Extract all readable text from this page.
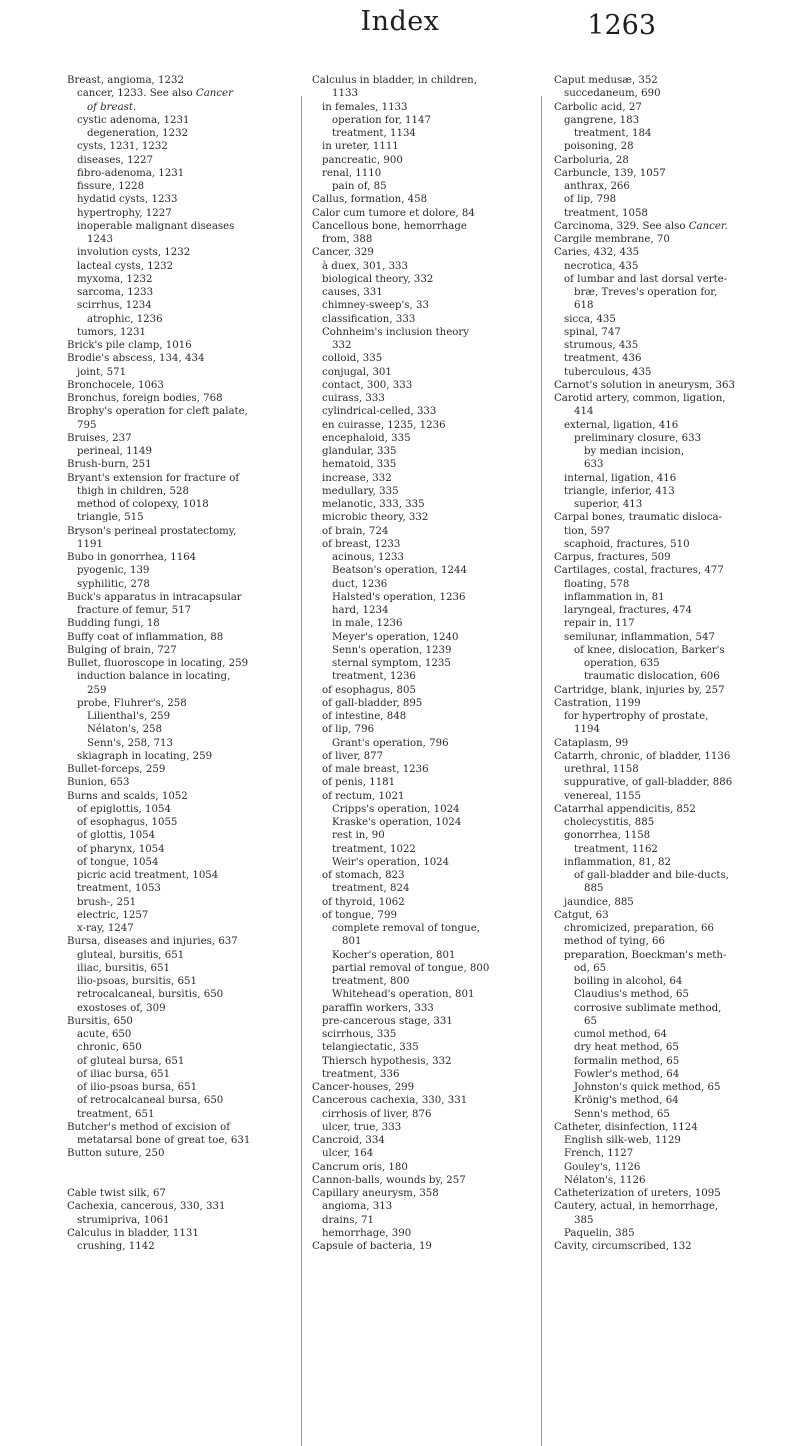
Index	1263
Breast, angioma, 1232
cancer, 1233. See also Cancer
of breast.
cystic adenoma, 1231
degeneration, 1232
cysts, 1231, 1232
diseases, 1227
fibro-adenoma, 1231
fissure, 1228
hydatid cysts, 1233
hypertrophy, 1227
inoperable malignant diseases
1243
involution cysts, 1232
lacteal cysts, 1232
myxoma, 1232
sarcoma, 1233
scirrhus, 1234
atrophic, 1236
tumors, 1231
Brick's pile clamp, 1016
Brodie's abscess, 134, 434
joint, 571
Bronchocele, 1063
Bronchus, foreign bodies, 768
Brophy's operation for cleft palate,
795
Bruises, 237
perineal, 1149
Brush-burn, 251
Bryant's extension for fracture of
thigh in children, 528
method of colopexy, 1018
triangle, 515
Bryson's perineal prostatectomy,
1191
Bubo in gonorrhea, 1164
pyogenic, 139
syphilitic, 278
Buck's apparatus in intracapsular
fracture of femur, 517
Budding fungi, 18
Buffy coat of inflammation, 88
Bulging of brain, 727
Bullet, fluoroscope in locating, 259
induction balance in locating,
259
probe, Fluhrer's, 258
Lilienthal's, 259
Nélaton's, 258
Senn's, 258, 713
skiagraph in locating, 259
Bullet-forceps, 259
Bunion, 653
Burns and scalds, 1052
of epiglottis, 1054
of esophagus, 1055
of glottis, 1054
of pharynx, 1054
of tongue, 1054
picric acid treatment, 1054
treatment, 1053
brush-, 251
electric, 1257
x-ray, 1247
Bursa, diseases and injuries, 637
gluteal, bursitis, 651
iliac, bursitis, 651
ilio-psoas, bursitis, 651
retrocalcaneal, bursitis, 650
exostoses of, 309
Bursitis, 650
acute, 650
chronic, 650
of gluteal bursa, 651
of iliac bursa, 651
of ilio-psoas bursa, 651
of retrocalcaneal bursa, 650
treatment, 651
Butcher's method of excision of
metatarsal bone of great toe, 631
Button suture, 250
Cable twist silk, 67
Cachexia, cancerous, 330, 331
strumipriva, 1061
Calculus in bladder, 1131
crushing, 1142
Calculus in bladder, in children,
1133
in females, 1133
operation for, 1147
treatment, 1134
in ureter, 1111
pancreatic, 900
renal, 1110
pain of, 85
Callus, formation, 458
Calor cum tumore et dolore, 84
Cancellous bone, hemorrhage
from, 388
Cancer, 329
à duex, 301, 333
biological theory, 332
causes, 331
chimney-sweep's, 33
classification, 333
Cohnheim's inclusion theory
332
colloid, 335
conjugal, 301
contact, 300, 333
cuirass, 333
cylindrical-celled, 333
en cuirasse, 1235, 1236
encephaloid, 335
glandular, 335
hematoid, 335
increase, 332
medullary, 335
melanotic, 333, 335
microbic theory, 332
of brain, 724
of breast, 1233
acinous, 1233
Beatson's operation, 1244
duct, 1236
Halsted's operation, 1236
hard, 1234
in male, 1236
Meyer's operation, 1240
Senn's operation, 1239
sternal symptom, 1235
treatment, 1236
of esophagus, 805
of gall-bladder, 895
of intestine, 848
of lip, 796
Grant's operation, 796
of liver, 877
of male breast, 1236
of penis, 1181
of rectum, 1021
Cripps's operation, 1024
Kraske's operation, 1024
rest in, 90
treatment, 1022
Weir's operation, 1024
of stomach, 823
treatment, 824
of thyroid, 1062
of tongue, 799
complete removal of tongue,
801
Kocher's operation, 801
partial removal of tongue, 800
treatment, 800
Whitehead's operation, 801
paraffin workers, 333
pre-cancerous stage, 331
scirrhous, 335
telangiectatic, 335
Thiersch hypothesis, 332
treatment, 336
Cancer-houses, 299
Cancerous cachexia, 330, 331
cirrhosis of liver, 876
ulcer, true, 333
Cancroid, 334
ulcer, 164
Cancrum oris, 180
Cannon-balls, wounds by, 257
Capillary aneurysm, 358
angioma, 313
drains, 71
hemorrhage, 390
Capsule of bacteria, 19
Caput medusæ, 352
succedaneum, 690
Carbolic acid, 27
gangrene, 183
treatment, 184
poisoning, 28
Carboluria, 28
Carbuncle, 139, 1057
anthrax, 266
of lip, 798
treatment, 1058
Carcinoma, 329. See also Cancer.
Cargile membrane, 70
Caries, 432, 435
necrotica, 435
of lumbar and last dorsal verte-
bræ, Treves's operation for,
618
sicca, 435
spinal, 747
strumous, 435
treatment, 436
tuberculous, 435
Carnot's solution in aneurysm, 363
Carotid artery, common, ligation,
414
external, ligation, 416
preliminary closure, 633
by median incision,
633
internal, ligation, 416
triangle, inferior, 413
superior, 413
Carpal bones, traumatic disloca-
tion, 597
scaphoid, fractures, 510
Carpus, fractures, 509
Cartilages, costal, fractures, 477
floating, 578
inflammation in, 81
laryngeal, fractures, 474
repair in, 117
semilunar, inflammation, 547
of knee, dislocation, Barker's
operation, 635
traumatic dislocation, 606
Cartridge, blank, injuries by, 257
Castration, 1199
for hypertrophy of prostate,
1194
Cataplasm, 99
Catarrh, chronic, of bladder, 1136
urethral, 1158
suppurative, of gall-bladder, 886
venereal, 1155
Catarrhal appendicitis, 852
cholecystitis, 885
gonorrhea, 1158
treatment, 1162
inflammation, 81, 82
of gall-bladder and bile-ducts,
885
jaundice, 885
Catgut, 63
chromicized, preparation, 66
method of tying, 66
preparation, Boeckman's meth-
od, 65
boiling in alcohol, 64
Claudius's method, 65
corrosive sublimate method,
65
cumol method, 64
dry heat method, 65
formalin method, 65
Fowler's method, 64
Johnston's quick method, 65
Krönig's method, 64
Senn's method, 65
Catheter, disinfection, 1124
English silk-web, 1129
French, 1127
Gouley's, 1126
Nélaton's, 1126
Catheterization of ureters, 1095
Cautery, actual, in hemorrhage,
385
Paquelin, 385
Cavity, circumscribed, 132
